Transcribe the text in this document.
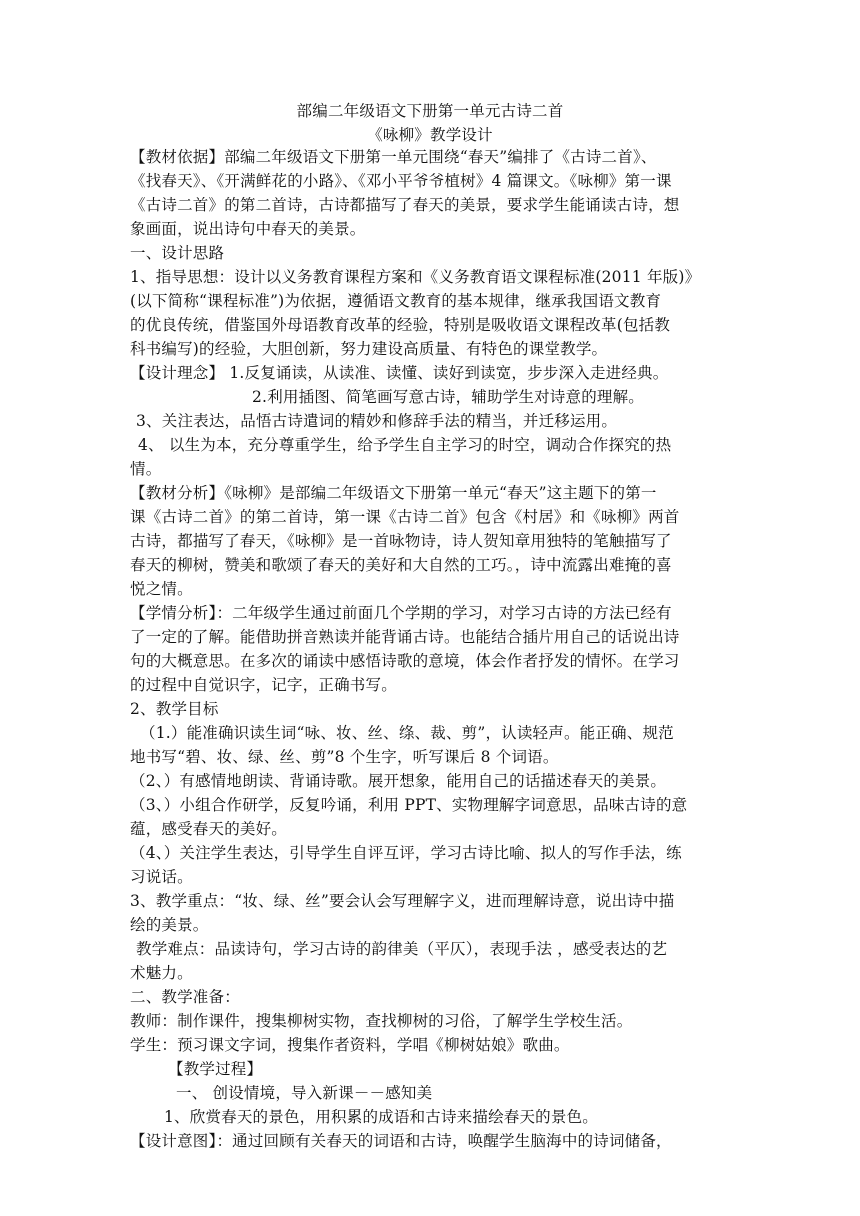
部编二年级语文下册第一单元古诗二首
《咏柳》教学设计
【教材依据】部编二年级语文下册第一单元围绕“春天”编排了《古诗二首》、
《找春天》、《开满鲜花的小路》、《邓小平爷爷植树》4 篇课文。《咏柳》第一课
《古诗二首》的第二首诗，古诗都描写了春天的美景，要求学生能诵读古诗，想
象画面，说出诗句中春天的美景。
一、设计思路
1、指导思想：设计以义务教育课程方案和《义务教育语文课程标准(2011 年版)》
(以下简称“课程标准”)为依据，遵循语文教育的基本规律，继承我国语文教育
的优良传统，借鉴国外母语教育改革的经验，特别是吸收语文课程改革(包括教
科书编写)的经验，大胆创新，努力建设高质量、有特色的课堂教学。
【设计理念】 1.反复诵读，从读准、读懂、读好到读宽，步步深入走进经典。
2.利用插图、简笔画写意古诗，辅助学生对诗意的理解。
3、关注表达，品悟古诗遣词的精妙和修辞手法的精当，并迁移运用。
4、 以生为本，充分尊重学生，给予学生自主学习的时空，调动合作探究的热
情。
【教材分析】《咏柳》是部编二年级语文下册第一单元“春天”这主题下的第一
课《古诗二首》的第二首诗，第一课《古诗二首》包含《村居》和《咏柳》两首
古诗，都描写了春天，《咏柳》是一首咏物诗，诗人贺知章用独特的笔触描写了
春天的柳树，赞美和歌颂了春天的美好和大自然的工巧。，诗中流露出难掩的喜
悦之情。
【学情分析】：二年级学生通过前面几个学期的学习，对学习古诗的方法已经有
了一定的了解。能借助拼音熟读并能背诵古诗。也能结合插片用自己的话说出诗
句的大概意思。在多次的诵读中感悟诗歌的意境，体会作者抒发的情怀。在学习
的过程中自觉识字，记字，正确书写。
2、教学目标
（1.）能准确识读生词“咏、妆、丝、绦、裁、剪”，认读轻声。能正确、规范
地书写“碧、妆、绿、丝、剪”8 个生字，听写课后 8 个词语。
（2、）有感情地朗读、背诵诗歌。展开想象，能用自己的话描述春天的美景。
（3、）小组合作研学，反复吟诵，利用 PPT、实物理解字词意思，品味古诗的意
蕴，感受春天的美好。
（4、）关注学生表达，引导学生自评互评，学习古诗比喻、拟人的写作手法，练
习说话。
3、教学重点：“妆、绿、丝”要会认会写理解字义，进而理解诗意，说出诗中描
绘的美景。
教学难点：品读诗句，学习古诗的韵律美（平仄），表现手法 ，感受表达的艺
术魅力。
二、教学准备：
教师：制作课件，搜集柳树实物，查找柳树的习俗，了解学生学校生活。
学生：预习课文字词，搜集作者资料，学唱《柳树姑娘》歌曲。
【教学过程】
一、 创设情境，导入新课－－感知美
1、欣赏春天的景色，用积累的成语和古诗来描绘春天的景色。
【设计意图】：通过回顾有关春天的词语和古诗，唤醒学生脑海中的诗词储备，
